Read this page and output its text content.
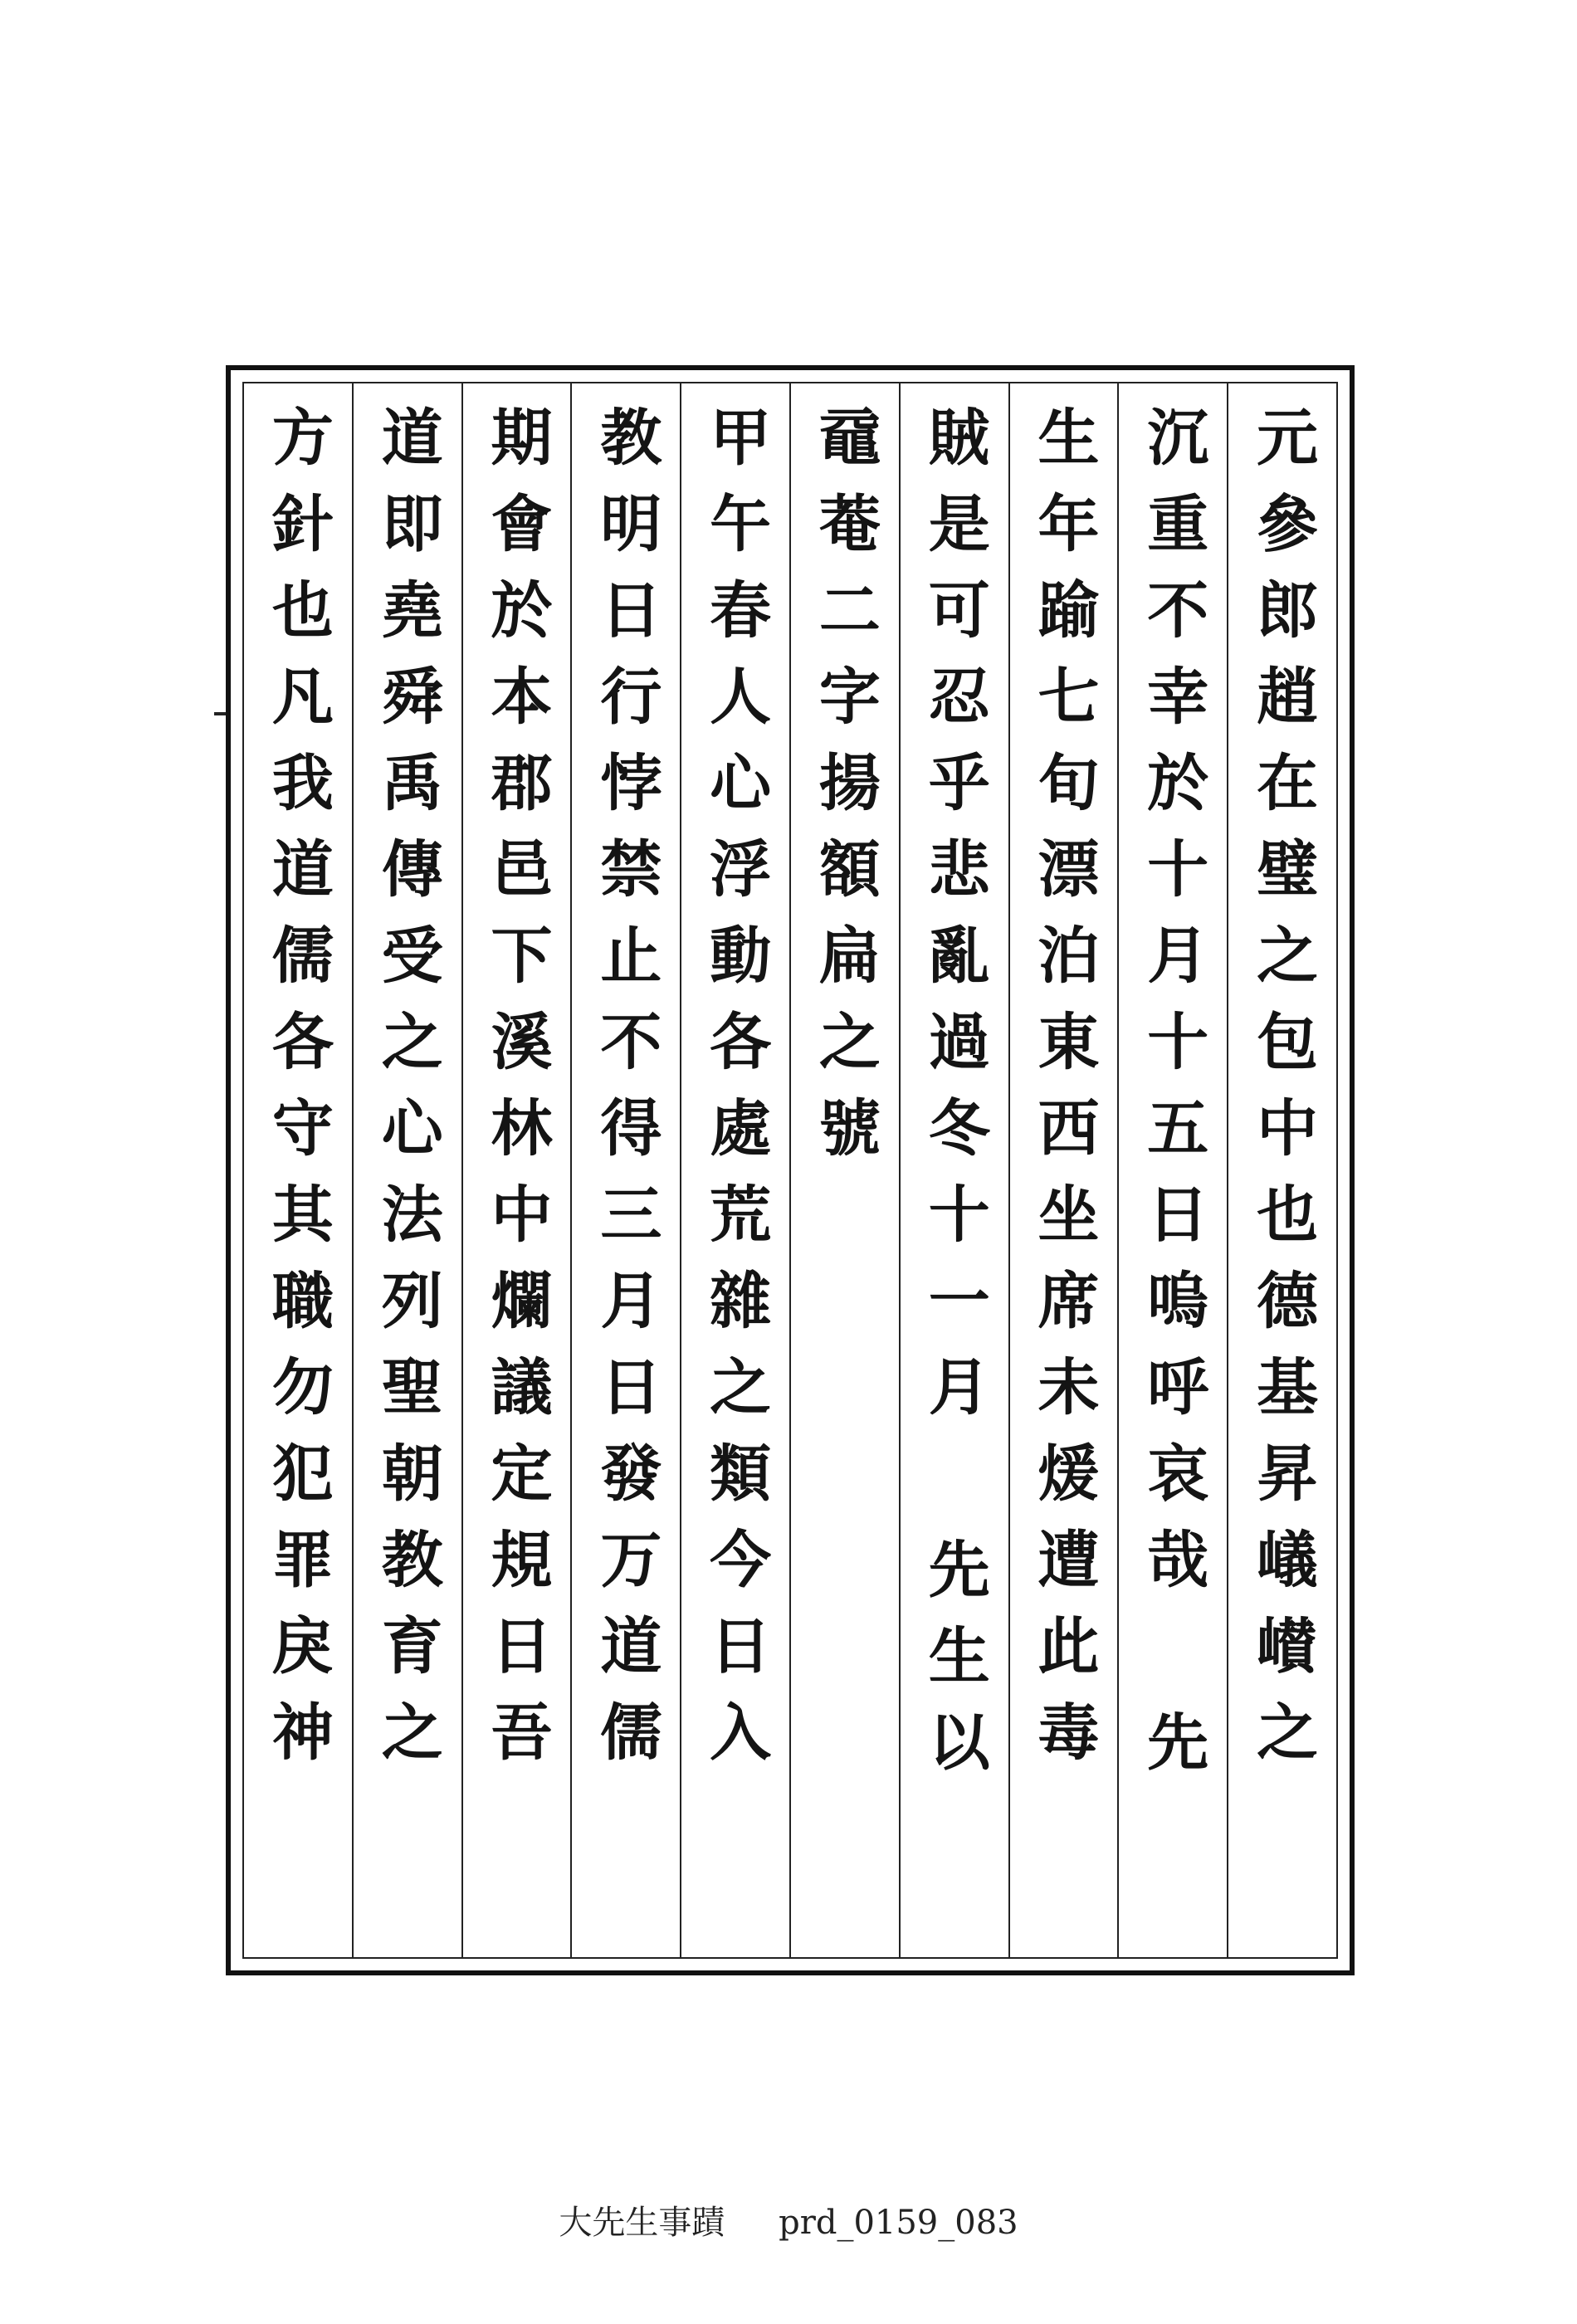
元參郎趙在璧之包中也德基昇嶬㠝之
沉重不幸於十月十五日嗚呼哀哉 先
生年踰七旬漂泊東西坐席未煖遭此毒
賊是可忍乎悲亂過冬十一月 先生以
黿菴二字揚額扁之號
甲午春人心浮動各處荒雜之類今日入
教明日行悖禁止不得三月日發万道儒
期會於本郡邑下溪林中爛議定規日吾
道即堯舜禹傳受之心法列聖朝教育之
方針也凡我道儒各守其職勿犯罪戾神
大先生事蹟 prd_0159_083
